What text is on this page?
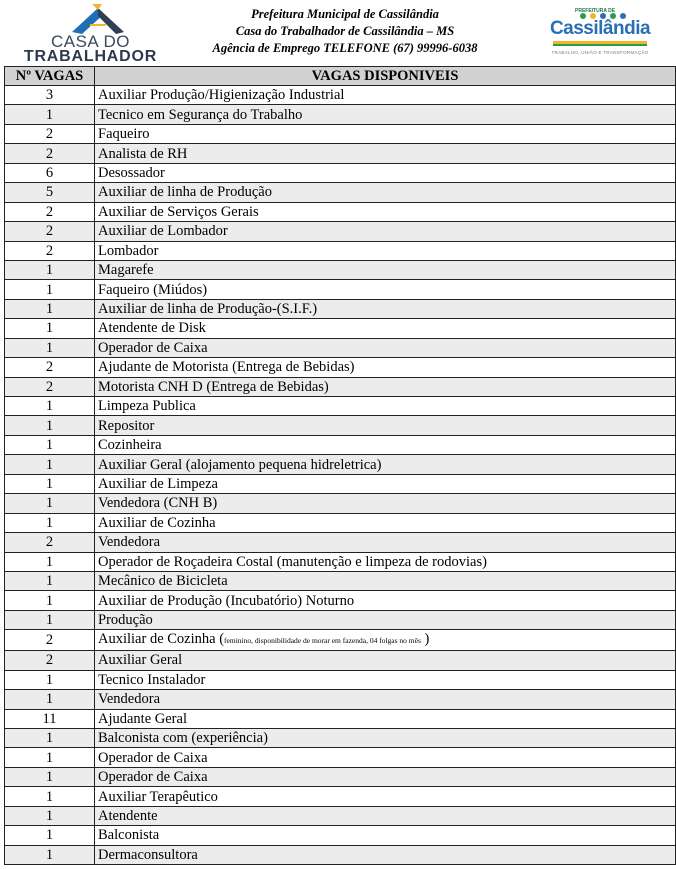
CASA DO
TRABALHADOR
Prefeitura Municipal de Cassilândia
Casa do Trabalhador de Cassilândia – MS
Agência de Emprego TELEFONE (67) 99996-6038
PREFEITURA DE
Cassilândia
TRABALHO, UNIÃO E TRANSFORMAÇÃO
Nº VAGAS	VAGAS DISPONIVEIS
3	Auxiliar Produção/Higienização Industrial
1	Tecnico em Segurança do Trabalho
2	Faqueiro
2	Analista de RH
6	Desossador
5	Auxiliar de linha de Produção
2	Auxiliar de Serviços Gerais
2	Auxiliar de Lombador
2	Lombador
1	Magarefe
1	Faqueiro (Miúdos)
1	Auxiliar de linha de Produção-(S.I.F.)
1	Atendente de Disk
1	Operador de Caixa
2	Ajudante de Motorista (Entrega de Bebidas)
2	Motorista CNH D (Entrega de Bebidas)
1	Limpeza Publica
1	Repositor
1	Cozinheira
1	Auxiliar Geral (alojamento pequena hidreletrica)
1	Auxiliar de Limpeza
1	Vendedora (CNH B)
1	Auxiliar de Cozinha
2	Vendedora
1	Operador de Roçadeira Costal (manutenção e limpeza de rodovias)
1	Mecânico de Bicicleta
1	Auxiliar de Produção (Incubatório) Noturno
1	Produção
2	Auxiliar de Cozinha (feminino, disponibilidade de morar em fazenda, 04 folgas no mês )
2	Auxiliar Geral
1	Tecnico Instalador
1	Vendedora
11	Ajudante Geral
1	Balconista com (experiência)
1	Operador de Caixa
1	Operador de Caixa
1	Auxiliar Terapêutico
1	Atendente
1	Balconista
1	Dermaconsultora
